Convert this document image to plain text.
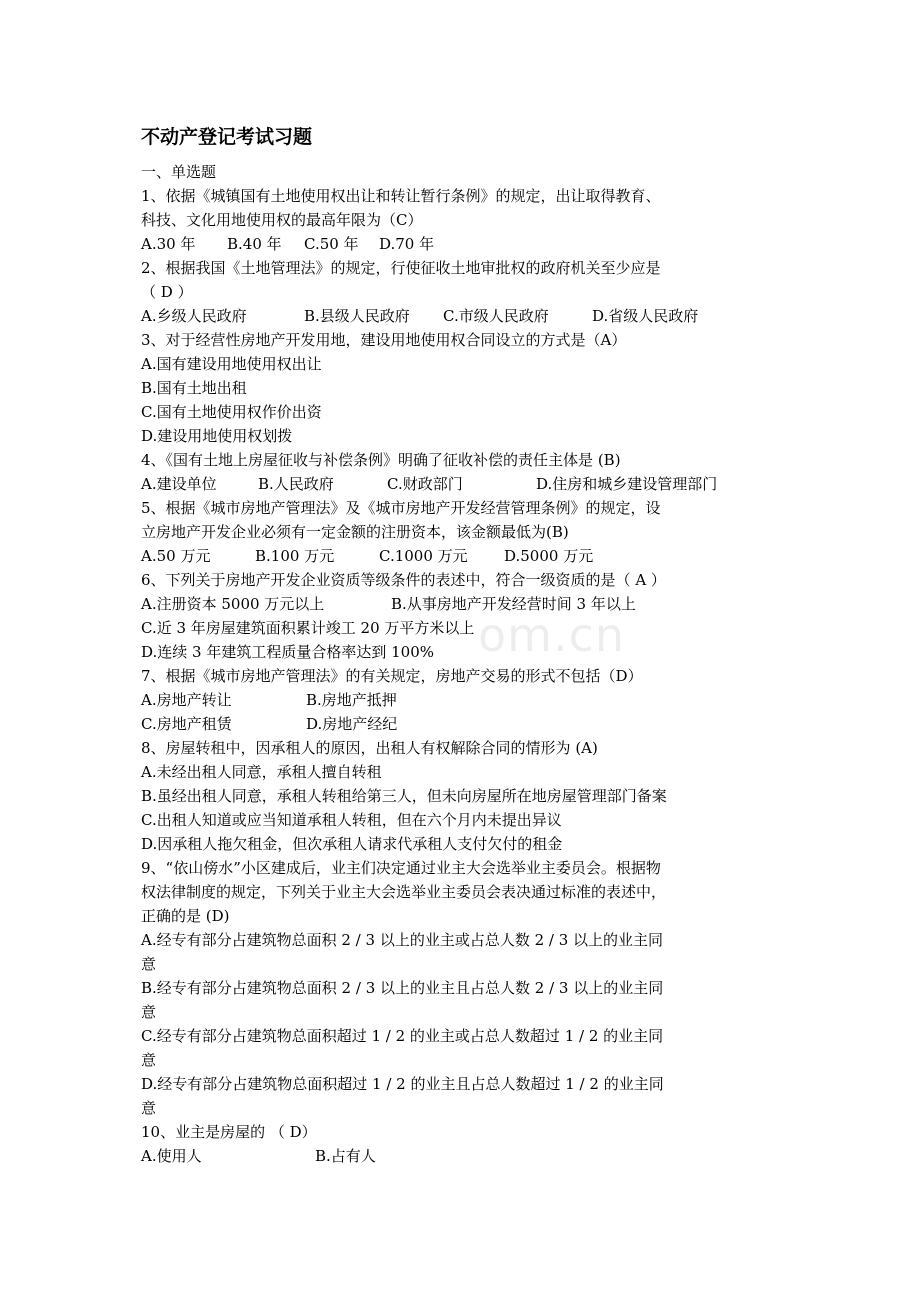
om.cn
不动产登记考试习题
一、单选题
1、依据《城镇国有土地使用权出让和转让暂行条例》的规定，出让取得教育、
科技、文化用地使用权的最高年限为（C）
A.30 年 B.40 年 C.50 年 D.70 年
2、根据我国《土地管理法》的规定，行使征收土地审批权的政府机关至少应是
（ D ）
A.乡级人民政府	B.县级人民政府 C.市级人民政府	D.省级人民政府
3、对于经营性房地产开发用地，建设用地使用权合同设立的方式是（A）
A.国有建设用地使用权出让
B.国有土地出租
C.国有土地使用权作价出资
D.建设用地使用权划拨
4、《国有土地上房屋征收与补偿条例》明确了征收补偿的责任主体是 (B)
A.建设单位	B.人民政府	C.财政部门	D.住房和城乡建设管理部门
5、根据《城市房地产管理法》及《城市房地产开发经营管理条例》的规定，设
立房地产开发企业必须有一定金额的注册资本，该金额最低为(B)
A.50 万元	B.100 万元	C.1000 万元 D.5000 万元
6、下列关于房地产开发企业资质等级条件的表述中，符合一级资质的是（ A ）
A.注册资本 5000 万元以上	B.从事房地产开发经营时间 3 年以上
C.近 3 年房屋建筑面积累计竣工 20 万平方米以上
D.连续 3 年建筑工程质量合格率达到 100%
7、根据《城市房地产管理法》的有关规定，房地产交易的形式不包括（D）
A.房地产转让	B.房地产抵押
C.房地产租赁	D.房地产经纪
8、房屋转租中，因承租人的原因，出租人有权解除合同的情形为 (A)
A.未经出租人同意，承租人擅自转租
B.虽经出租人同意，承租人转租给第三人，但未向房屋所在地房屋管理部门备案
C.出租人知道或应当知道承租人转租，但在六个月内未提出异议
D.因承租人拖欠租金，但次承租人请求代承租人支付欠付的租金
9、“依山傍水”小区建成后，业主们决定通过业主大会选举业主委员会。根据物
权法律制度的规定，下列关于业主大会选举业主委员会表决通过标准的表述中，
正确的是 (D)
A.经专有部分占建筑物总面积 2 / 3 以上的业主或占总人数 2 / 3 以上的业主同
意
B.经专有部分占建筑物总面积 2 / 3 以上的业主且占总人数 2 / 3 以上的业主同
意
C.经专有部分占建筑物总面积超过 1 / 2 的业主或占总人数超过 1 / 2 的业主同
意
D.经专有部分占建筑物总面积超过 1 / 2 的业主且占总人数超过 1 / 2 的业主同
意
10、业主是房屋的 （ D）
A.使用人	B.占有人
